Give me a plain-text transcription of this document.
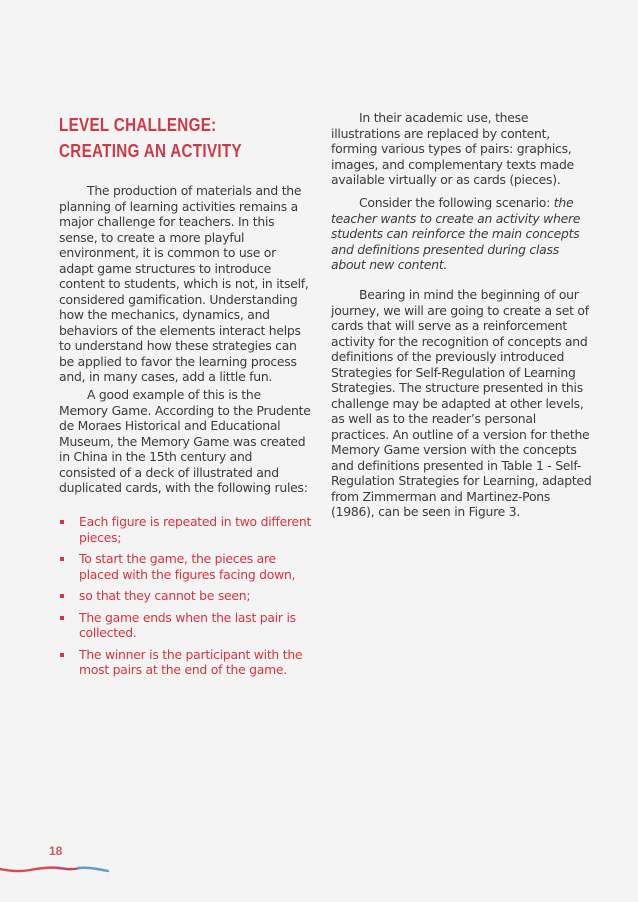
LEVEL CHALLENGE: CREATING AN ACTIVITY

The production of materials and the planning of learning activities remains a major challenge for teachers. In this sense, to create a more playful environment, it is common to use or adapt game structures to introduce content to students, which is not, in itself, considered gamification. Understanding how the mechanics, dynamics, and behaviors of the elements interact helps to understand how these strategies can be applied to favor the learning process and, in many cases, add a little fun.

A good example of this is the Memory Game. According to the Prudente de Moraes Historical and Educational Museum, the Memory Game was created in China in the 15th century and consisted of a deck of illustrated and duplicated cards, with the following rules:

Each figure is repeated in two different pieces;
To start the game, the pieces are placed with the figures facing down,
so that they cannot be seen;
The game ends when the last pair is collected.
The winner is the participant with the most pairs at the end of the game.

In their academic use, these illustrations are replaced by content, forming various types of pairs: graphics, images, and complementary texts made available virtually or as cards (pieces).

Consider the following scenario: the teacher wants to create an activity where students can reinforce the main concepts and definitions presented during class about new content.

Bearing in mind the beginning of our journey, we will are going to create a set of cards that will serve as a reinforcement activity for the recognition of concepts and definitions of the previously introduced Strategies for Self-Regulation of Learning Strategies. The structure presented in this challenge may be adapted at other levels, as well as to the reader’s personal practices. An outline of a version for thethe Memory Game version with the concepts and definitions presented in Table 1 - Self-Regulation Strategies for Learning, adapted from Zimmerman and Martinez-Pons (1986), can be seen in Figure 3.

18
